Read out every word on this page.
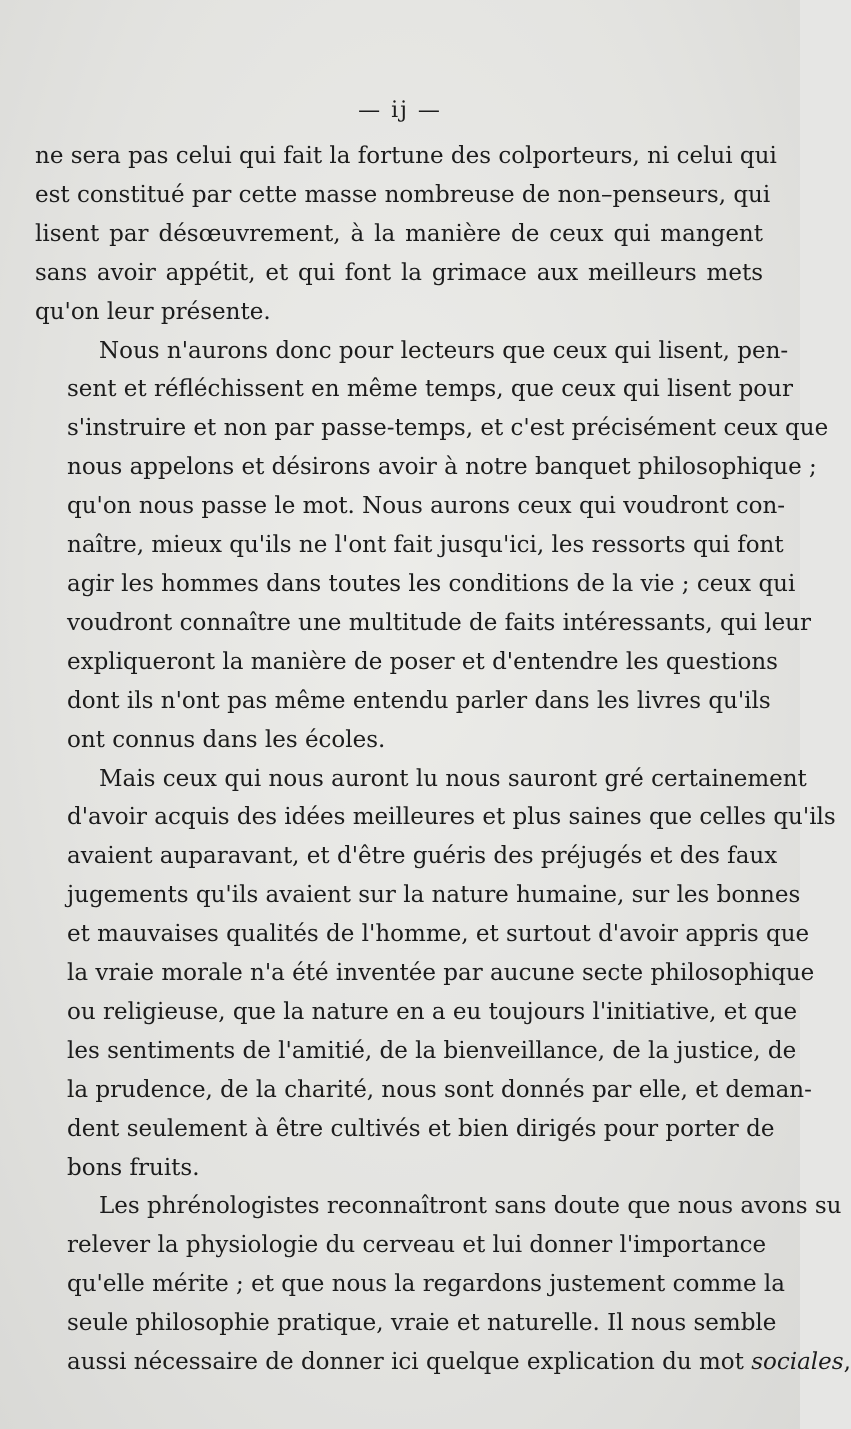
— ij —

ne sera pas celui qui fait la fortune des colporteurs, ni celui qui
est constitué par cette masse nombreuse de non–penseurs, qui
lisent par désœuvrement, à la manière de ceux qui mangent
sans avoir appétit, et qui font la grimace aux meilleurs mets
qu'on leur présente.

Nous n'aurons donc pour lecteurs que ceux qui lisent, pen-
sent et réfléchissent en même temps, que ceux qui lisent pour
s'instruire et non par passe-temps, et c'est précisément ceux que
nous appelons et désirons avoir à notre banquet philosophique ;
qu'on nous passe le mot. Nous aurons ceux qui voudront con-
naître, mieux qu'ils ne l'ont fait jusqu'ici, les ressorts qui font
agir les hommes dans toutes les conditions de la vie ; ceux qui
voudront connaître une multitude de faits intéressants, qui leur
expliqueront la manière de poser et d'entendre les questions
dont ils n'ont pas même entendu parler dans les livres qu'ils
ont connus dans les écoles.

Mais ceux qui nous auront lu nous sauront gré certainement
d'avoir acquis des idées meilleures et plus saines que celles qu'ils
avaient auparavant, et d'être guéris des préjugés et des faux
jugements qu'ils avaient sur la nature humaine, sur les bonnes
et mauvaises qualités de l'homme, et surtout d'avoir appris que
la vraie morale n'a été inventée par aucune secte philosophique
ou religieuse, que la nature en a eu toujours l'initiative, et que
les sentiments de l'amitié, de la bienveillance, de la justice, de
la prudence, de la charité, nous sont donnés par elle, et deman-
dent seulement à être cultivés et bien dirigés pour porter de
bons fruits.

Les phrénologistes reconnaîtront sans doute que nous avons su
relever la physiologie du cerveau et lui donner l'importance
qu'elle mérite ; et que nous la regardons justement comme la
seule philosophie pratique, vraie et naturelle. Il nous semble
aussi nécessaire de donner ici quelque explication du mot sociales,
